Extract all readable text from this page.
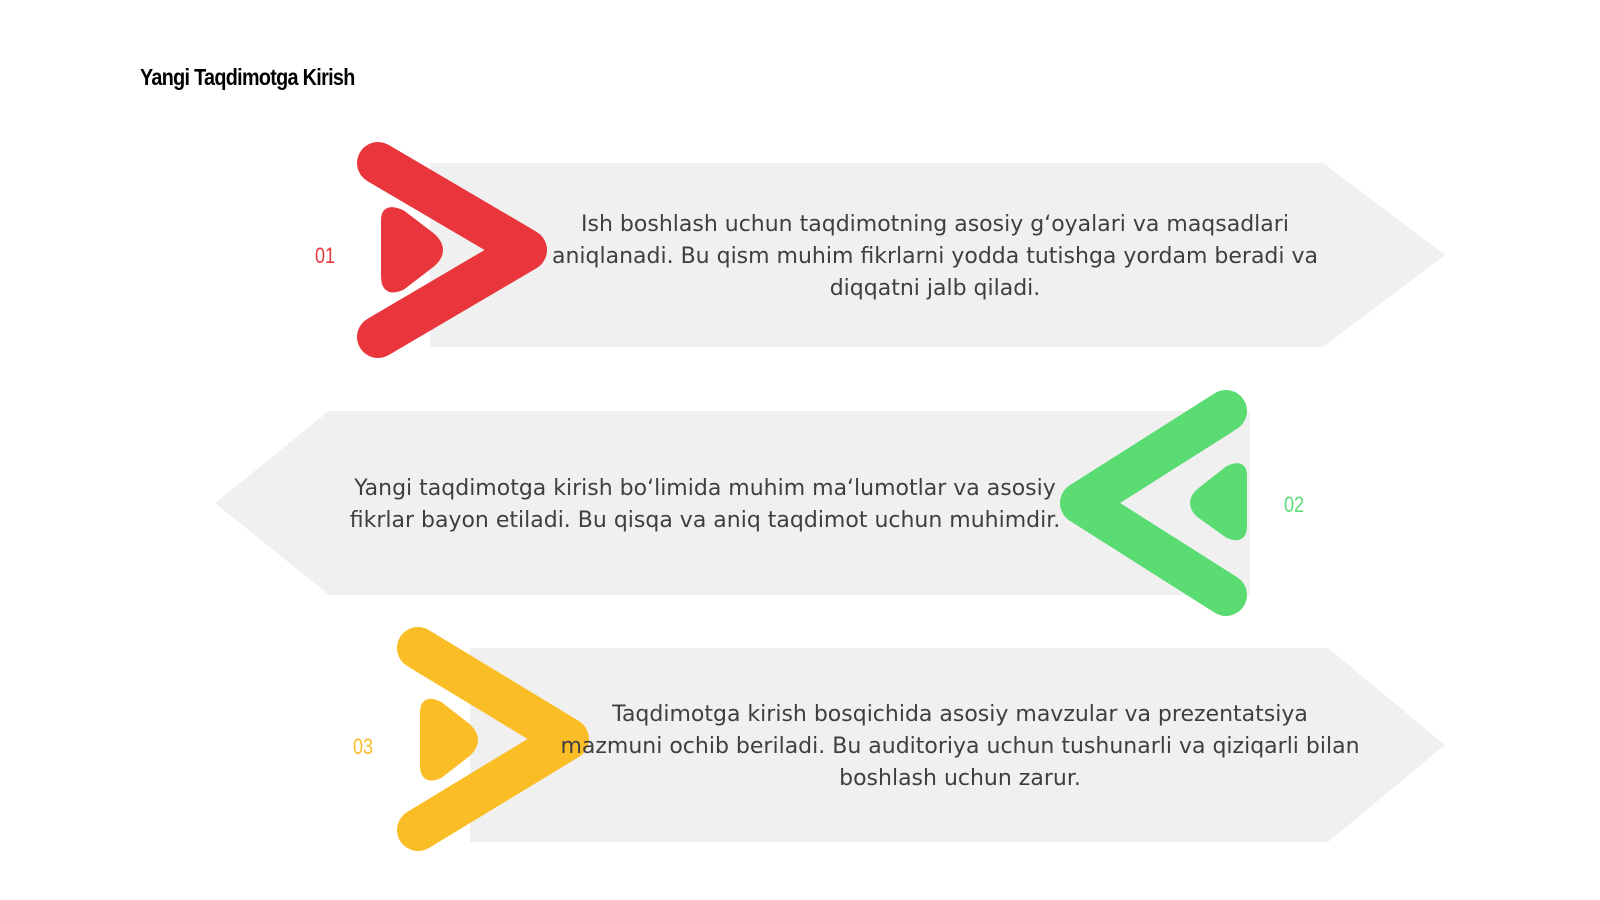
Yangi Taqdimotga Kirish
01

Ish boshlash uchun taqdimotning asosiy g‘oyalari va maqsadlari aniqlanadi. Bu qism muhim fikrlarni yodda tutishga yordam beradi va diqqatni jalb qiladi.

02

Yangi taqdimotga kirish bo‘limida muhim ma‘lumotlar va asosiy fikrlar bayon etiladi. Bu qisqa va aniq taqdimot uchun muhimdir.

03

Taqdimotga kirish bosqichida asosiy mavzular va prezentatsiya mazmuni ochib beriladi. Bu auditoriya uchun tushunarli va qiziqarli bilan boshlash uchun zarur.
